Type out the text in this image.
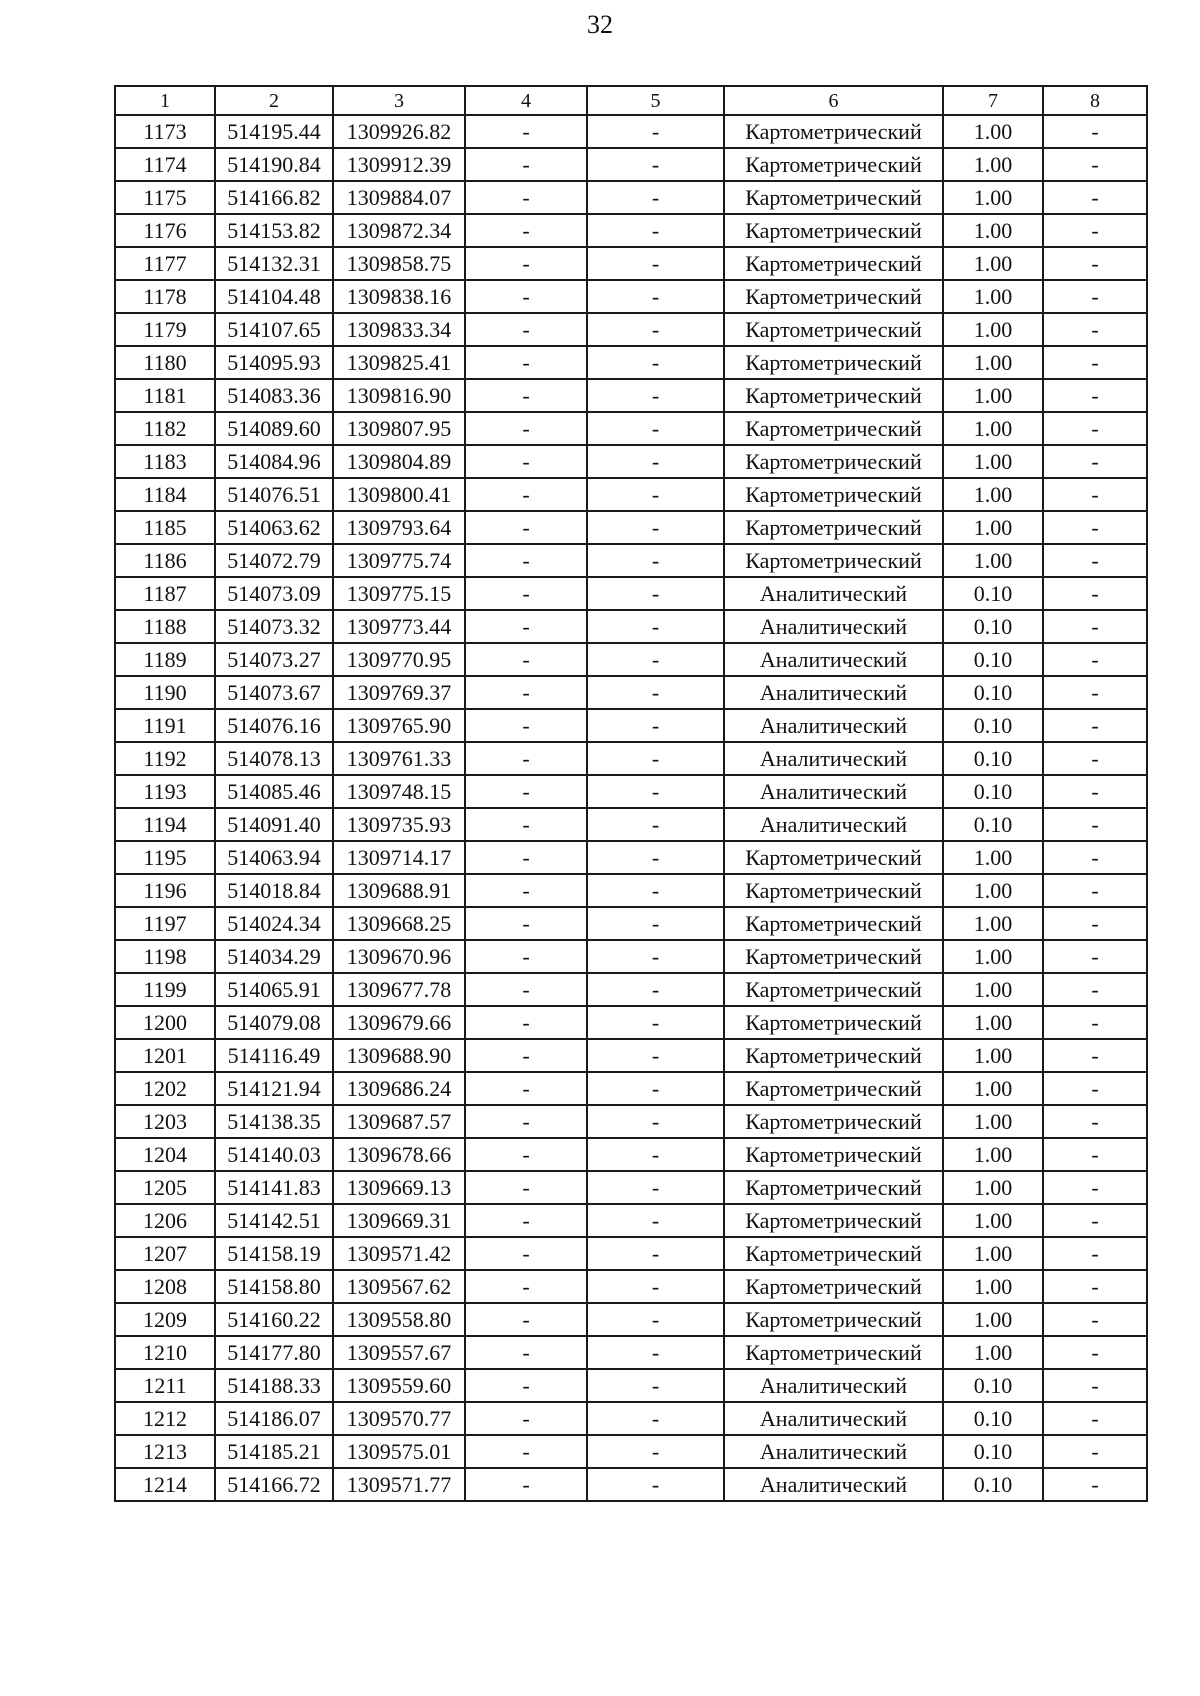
32
1	2	3	4	5	6	7	8
1173	514195.44	1309926.82	-	-	Картометрический	1.00	-
1174	514190.84	1309912.39	-	-	Картометрический	1.00	-
1175	514166.82	1309884.07	-	-	Картометрический	1.00	-
1176	514153.82	1309872.34	-	-	Картометрический	1.00	-
1177	514132.31	1309858.75	-	-	Картометрический	1.00	-
1178	514104.48	1309838.16	-	-	Картометрический	1.00	-
1179	514107.65	1309833.34	-	-	Картометрический	1.00	-
1180	514095.93	1309825.41	-	-	Картометрический	1.00	-
1181	514083.36	1309816.90	-	-	Картометрический	1.00	-
1182	514089.60	1309807.95	-	-	Картометрический	1.00	-
1183	514084.96	1309804.89	-	-	Картометрический	1.00	-
1184	514076.51	1309800.41	-	-	Картометрический	1.00	-
1185	514063.62	1309793.64	-	-	Картометрический	1.00	-
1186	514072.79	1309775.74	-	-	Картометрический	1.00	-
1187	514073.09	1309775.15	-	-	Аналитический	0.10	-
1188	514073.32	1309773.44	-	-	Аналитический	0.10	-
1189	514073.27	1309770.95	-	-	Аналитический	0.10	-
1190	514073.67	1309769.37	-	-	Аналитический	0.10	-
1191	514076.16	1309765.90	-	-	Аналитический	0.10	-
1192	514078.13	1309761.33	-	-	Аналитический	0.10	-
1193	514085.46	1309748.15	-	-	Аналитический	0.10	-
1194	514091.40	1309735.93	-	-	Аналитический	0.10	-
1195	514063.94	1309714.17	-	-	Картометрический	1.00	-
1196	514018.84	1309688.91	-	-	Картометрический	1.00	-
1197	514024.34	1309668.25	-	-	Картометрический	1.00	-
1198	514034.29	1309670.96	-	-	Картометрический	1.00	-
1199	514065.91	1309677.78	-	-	Картометрический	1.00	-
1200	514079.08	1309679.66	-	-	Картометрический	1.00	-
1201	514116.49	1309688.90	-	-	Картометрический	1.00	-
1202	514121.94	1309686.24	-	-	Картометрический	1.00	-
1203	514138.35	1309687.57	-	-	Картометрический	1.00	-
1204	514140.03	1309678.66	-	-	Картометрический	1.00	-
1205	514141.83	1309669.13	-	-	Картометрический	1.00	-
1206	514142.51	1309669.31	-	-	Картометрический	1.00	-
1207	514158.19	1309571.42	-	-	Картометрический	1.00	-
1208	514158.80	1309567.62	-	-	Картометрический	1.00	-
1209	514160.22	1309558.80	-	-	Картометрический	1.00	-
1210	514177.80	1309557.67	-	-	Картометрический	1.00	-
1211	514188.33	1309559.60	-	-	Аналитический	0.10	-
1212	514186.07	1309570.77	-	-	Аналитический	0.10	-
1213	514185.21	1309575.01	-	-	Аналитический	0.10	-
1214	514166.72	1309571.77	-	-	Аналитический	0.10	-
